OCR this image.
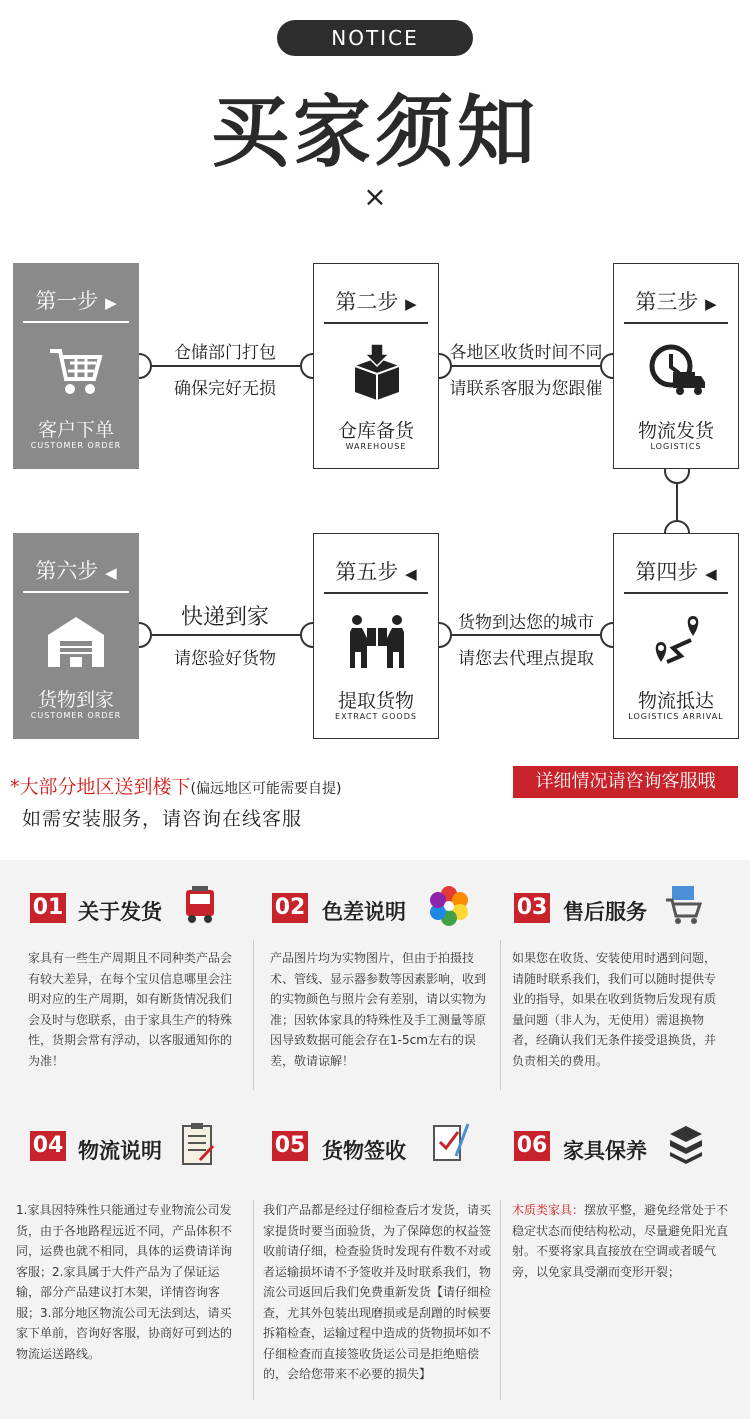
NOTICE
买家须知
×
仓储部门打包
确保完好无损
各地区收货时间不同
请联系客服为您跟催
货物到达您的城市
请您去代理点提取
快递到家
请您验好货物
第一步 ▶
客户下单
CUSTOMER ORDER
第二步 ▶
仓库备货
WAREHOUSE
第三步 ▶
物流发货
LOGISTICS
第四步 ◀
物流抵达
LOGISTICS ARRIVAL
第五步 ◀
提取货物
EXTRACT GOODS
第六步 ◀
货物到家
CUSTOMER ORDER
*大部分地区送到楼下(偏远地区可能需要自提)
如需安装服务，请咨询在线客服
详细情况请咨询客服哦
01 关于发货
家具有一些生产周期且不同种类产品会有较大差异，在每个宝贝信息哪里会注明对应的生产周期，如有断货情况我们会及时与您联系，由于家具生产的特殊性，货期会常有浮动，以客服通知你的为准！
02 色差说明
产品图片均为实物图片，但由于拍摄技术、管线、显示器参数等因素影响，收到的实物颜色与照片会有差别，请以实物为准；因软体家具的特殊性及手工测量等原因导致数据可能会存在1-5cm左右的误差，敬请谅解！
03 售后服务
如果您在收货、安装使用时遇到问题，请随时联系我们，我们可以随时提供专业的指导，如果在收到货物后发现有质量问题（非人为，无使用）需退换物者，经确认我们无条件接受退换货，并负责相关的费用。
04 物流说明
1.家具因特殊性只能通过专业物流公司发货，由于各地路程远近不同，产品体积不同，运费也就不相同，具体的运费请详询客服；2.家具属于大件产品为了保证运输，部分产品建议打木架，详情咨询客服；3.部分地区物流公司无法到达，请买家下单前，咨询好客服，协商好可到达的物流运送路线。
05 货物签收
我们产品都是经过仔细检查后才发货，请买家提货时要当面验货，为了保障您的权益签收前请仔细，检查验货时发现有件数不对或者运输损坏请不予签收并及时联系我们，物流公司返回后我们免费重新发货【请仔细检查，尤其外包装出现磨损或是刮蹭的时候要拆箱检查，运输过程中造成的货物损坏如不仔细检查而直接签收货运公司是拒绝赔偿的，会给您带来不必要的损失】
06 家具保养
木质类家具：摆放平整，避免经常处于不稳定状态而使结构松动，尽量避免阳光直射。不要将家具直接放在空调或者暖气旁，以免家具受潮而变形开裂；
